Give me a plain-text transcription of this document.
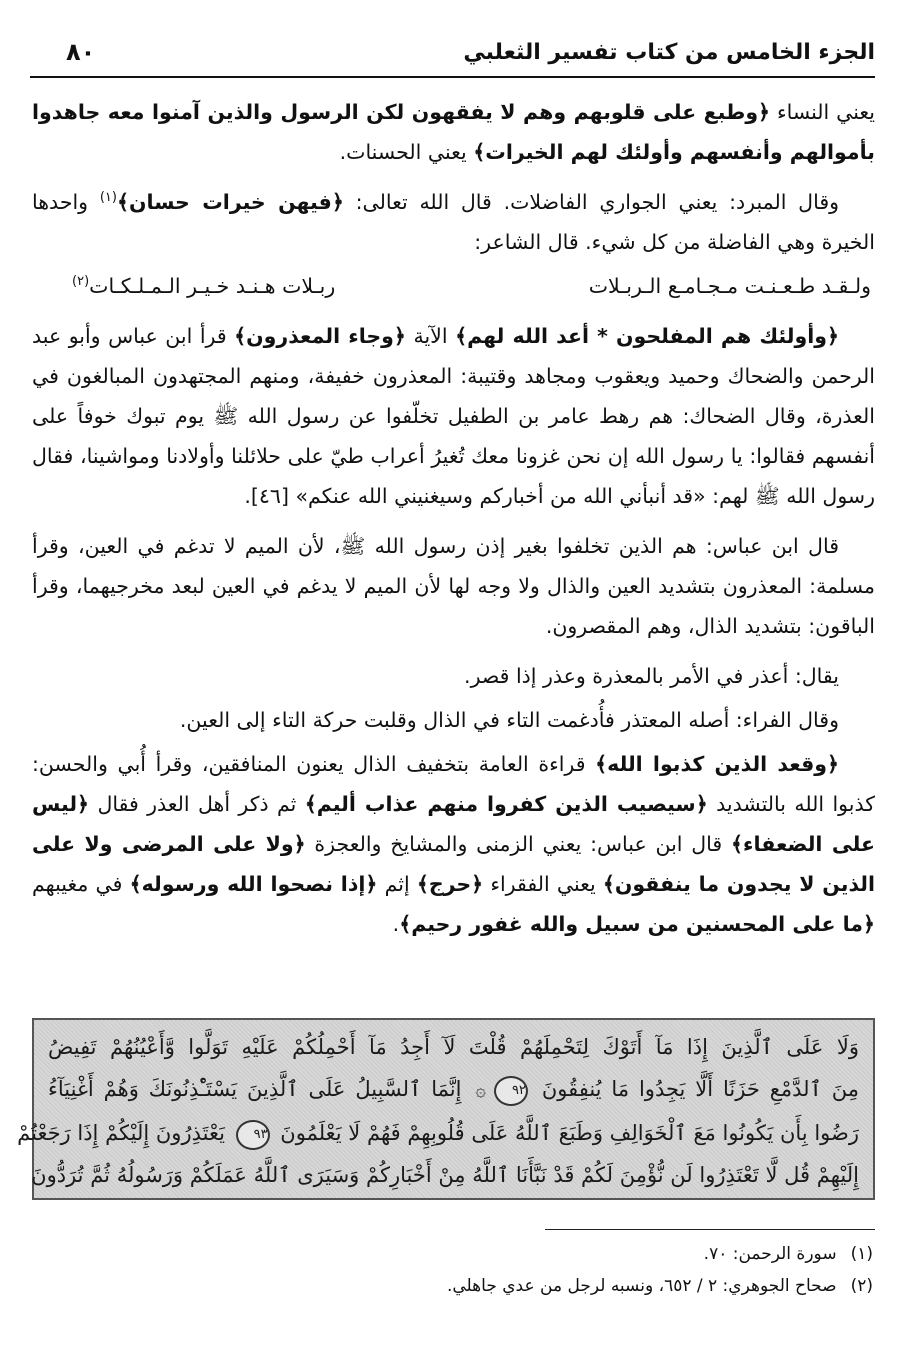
الجزء الخامس من كتاب تفسير الثعلبي
٨٠

يعني النساء ﴿وطبع على قلوبهم وهم لا يفقهون لكن الرسول والذين آمنوا معه جاهدوا بأموالهم وأنفسهم وأولئك لهم الخيرات﴾ يعني الحسنات.

وقال المبرد: يعني الجواري الفاضلات. قال الله تعالى: ﴿فيهن خيرات حسان﴾$^{(١)}$ واحدها الخيرة وهي الفاضلة من كل شيء. قال الشاعر:

ولـقـد طـعـنـت مـجـامـع الـربـلات
ربـلات هـنـد خـيـر الـمـلـكـات$^{(٢)}$

﴿وأولئك هم المفلحون * أعد الله لهم﴾ الآية ﴿وجاء المعذرون﴾ قرأ ابن عباس وأبو عبد الرحمن والضحاك وحميد ويعقوب ومجاهد وقتيبة: المعذرون خفيفة، ومنهم المجتهدون المبالغون في العذرة، وقال الضحاك: هم رهط عامر بن الطفيل تخلّفوا عن رسول الله ﷺ يوم تبوك خوفاً على أنفسهم فقالوا: يا رسول الله إن نحن غزونا معك تُغيرُ أعراب طيّ على حلائلنا وأولادنا ومواشينا، فقال رسول الله ﷺ لهم: «قد أنبأني الله من أخباركم وسيغنيني الله عنكم» [٤٦].

قال ابن عباس: هم الذين تخلفوا بغير إذن رسول الله ﷺ، لأن الميم لا تدغم في العين، وقرأ مسلمة: المعذرون بتشديد العين والذال ولا وجه لها لأن الميم لا يدغم في العين لبعد مخرجيهما، وقرأ الباقون: بتشديد الذال، وهم المقصرون.

يقال: أعذر في الأمر بالمعذرة وعذر إذا قصر.

وقال الفراء: أصله المعتذر فأُدغمت التاء في الذال وقلبت حركة التاء إلى العين.

﴿وقعد الذين كذبوا الله﴾ قراءة العامة بتخفيف الذال يعنون المنافقين، وقرأ أُبي والحسن: كذبوا الله بالتشديد ﴿سيصيب الذين كفروا منهم عذاب أليم﴾ ثم ذكر أهل العذر فقال ﴿ليس على الضعفاء﴾ قال ابن عباس: يعني الزمنى والمشايخ والعجزة ﴿ولا على المرضى ولا على الذين لا يجدون ما ينفقون﴾ يعني الفقراء ﴿حرج﴾ إثم ﴿إذا نصحوا الله ورسوله﴾ في مغيبهم ﴿ما على المحسنين من سبيل والله غفور رحيم﴾.

وَلَا عَلَى ٱلَّذِينَ إِذَا مَآ أَتَوْكَ لِتَحْمِلَهُمْ قُلْتَ لَآ أَجِدُ مَآ أَحْمِلُكُمْ عَلَيْهِ تَوَلَّوا وَّأَعْيُنُهُمْ تَفِيضُ
مِنَ ٱلدَّمْعِ حَزَنًا أَلَّا يَجِدُوا مَا يُنفِقُونَ ٩٢۞ إِنَّمَا ٱلسَّبِيلُ عَلَى ٱلَّذِينَ يَسْتَـْٔذِنُونَكَ وَهُمْ أَغْنِيَآءُ
رَضُوا بِأَن يَكُونُوا مَعَ ٱلْخَوَالِفِ وَطَبَعَ ٱللَّهُ عَلَى قُلُوبِهِمْ فَهُمْ لَا يَعْلَمُونَ ٩٣ يَعْتَذِرُونَ إِلَيْكُمْ إِذَا رَجَعْتُمْ
إِلَيْهِمْ قُل لَّا تَعْتَذِرُوا لَن نُّؤْمِنَ لَكُمْ قَدْ نَبَّأَنَا ٱللَّهُ مِنْ أَخْبَارِكُمْ وَسَيَرَى ٱللَّهُ عَمَلَكُمْ وَرَسُولُهُ ثُمَّ تُرَدُّونَ

(١)سورة الرحمن: ٧٠.

(٢)صحاح الجوهري: ٢ / ٦٥٢، ونسبه لرجل من عدي جاهلي.
